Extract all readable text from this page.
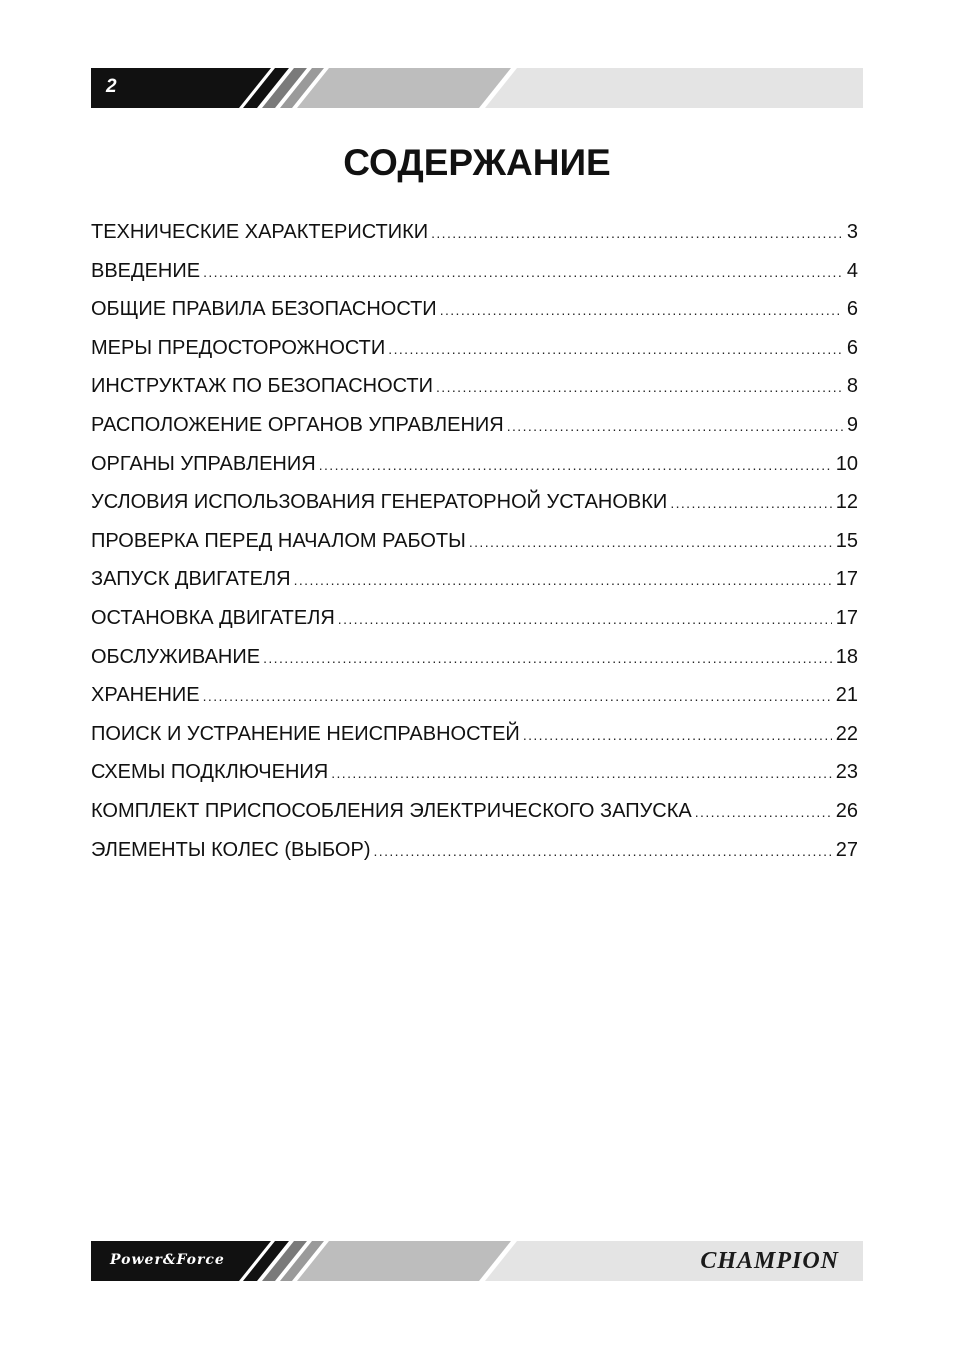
2
СОДЕРЖАНИЕ
ТЕХНИЧЕСКИЕ ХАРАКТЕРИСТИКИ .....	3
ВВЕДЕНИЕ .....	4
ОБЩИЕ ПРАВИЛА БЕЗОПАСНОСТИ .....	6
МЕРЫ ПРЕДОСТОРОЖНОСТИ .....	6
ИНСТРУКТАЖ ПО БЕЗОПАСНОСТИ .....	8
РАСПОЛОЖЕНИЕ ОРГАНОВ УПРАВЛЕНИЯ .....	9
ОРГАНЫ УПРАВЛЕНИЯ .....	10
УСЛОВИЯ ИСПОЛЬЗОВАНИЯ ГЕНЕРАТОРНОЙ УСТАНОВКИ .....	12
ПРОВЕРКА ПЕРЕД НАЧАЛОМ РАБОТЫ .....	15
ЗАПУСК ДВИГАТЕЛЯ .....	17
ОСТАНОВКА ДВИГАТЕЛЯ .....	17
ОБСЛУЖИВАНИЕ .....	18
ХРАНЕНИЕ .....	21
ПОИСК И УСТРАНЕНИЕ НЕИСПРАВНОСТЕЙ .....	22
СХЕМЫ ПОДКЛЮЧЕНИЯ .....	23
КОМПЛЕКТ ПРИСПОСОБЛЕНИЯ ЭЛЕКТРИЧЕСКОГО ЗАПУСКА .....	26
ЭЛЕМЕНТЫ КОЛЕС (ВЫБОР) .....	27
Power&Force	CHAMPION
